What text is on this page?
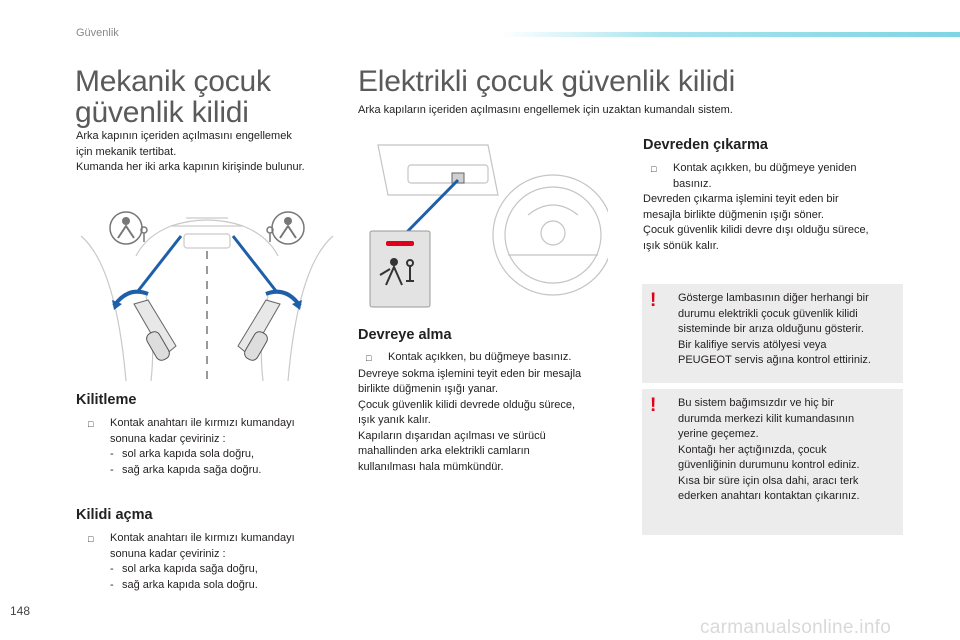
Güvenlik
Mekanik çocuk
güvenlik kilidi
Arka kapının içeriden açılmasını engellemek
için mekanik tertibat.
Kumanda her iki arka kapının kirişinde bulunur.
Kilitleme
□	Kontak anahtarı ile kırmızı kumandayı
sonuna kadar çeviriniz :
- sol arka kapıda sola doğru,
- sağ arka kapıda sağa doğru.
Kilidi açma
□	Kontak anahtarı ile kırmızı kumandayı
sonuna kadar çeviriniz :
- sol arka kapıda sağa doğru,
- sağ arka kapıda sola doğru.
Elektrikli çocuk güvenlik kilidi
Arka kapıların içeriden açılmasını engellemek için uzaktan kumandalı sistem.
Devreye alma
□	Kontak açıkken, bu düğmeye basınız.
Devreye sokma işlemini teyit eden bir mesajla
birlikte düğmenin ışığı yanar.
Çocuk güvenlik kilidi devrede olduğu sürece,
ışık yanık kalır.
Kapıların dışarıdan açılması ve sürücü
mahallinden arka elektrikli camların
kullanılması hala mümkündür.
Devreden çıkarma
□	Kontak açıkken, bu düğmeye yeniden
basınız.
Devreden çıkarma işlemini teyit eden bir
mesajla birlikte düğmenin ışığı söner.
Çocuk güvenlik kilidi devre dışı olduğu sürece,
ışık sönük kalır.
! Gösterge lambasının diğer herhangi bir
durumu elektrikli çocuk güvenlik kilidi
sisteminde bir arıza olduğunu gösterir.
Bir kalifiye servis atölyesi veya
PEUGEOT servis ağına kontrol ettiriniz.
! Bu sistem bağımsızdır ve hiç bir
durumda merkezi kilit kumandasının
yerine geçemez.
Kontağı her açtığınızda, çocuk
güvenliğinin durumunu kontrol ediniz.
Kısa bir süre için olsa dahi, aracı terk
ederken anahtarı kontaktan çıkarınız.
148
carmanualsonline.info
